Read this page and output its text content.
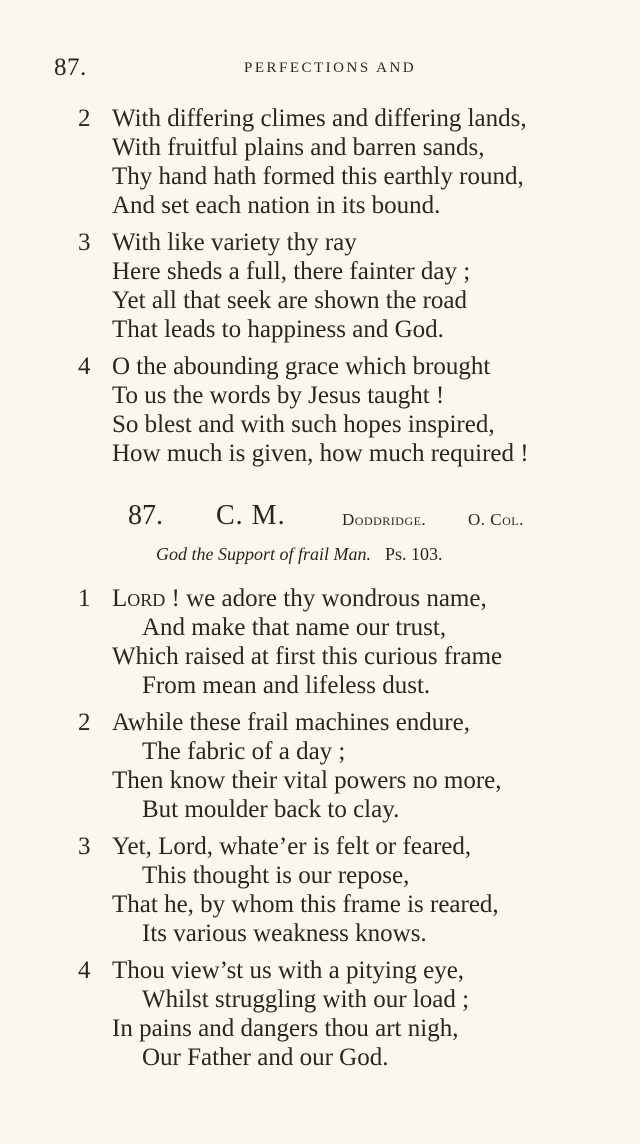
87.	PERFECTIONS AND
2 With differing climes and differing lands,
With fruitful plains and barren sands,
Thy hand hath formed this earthly round,
And set each nation in its bound.
3 With like variety thy ray
Here sheds a full, there fainter day ;
Yet all that seek are shown the road
That leads to happiness and God.
4 O the abounding grace which brought
To us the words by Jesus taught !
So blest and with such hopes inspired,
How much is given, how much required !
87. C. M.	Doddridge. O. Col.
God the Support of frail Man. Ps. 103.
1 Lord ! we adore thy wondrous name,
And make that name our trust,
Which raised at first this curious frame
From mean and lifeless dust.
2 Awhile these frail machines endure,
The fabric of a day ;
Then know their vital powers no more,
But moulder back to clay.
3 Yet, Lord, whate’er is felt or feared,
This thought is our repose,
That he, by whom this frame is reared,
Its various weakness knows.
4 Thou view’st us with a pitying eye,
Whilst struggling with our load ;
In pains and dangers thou art nigh,
Our Father and our God.
